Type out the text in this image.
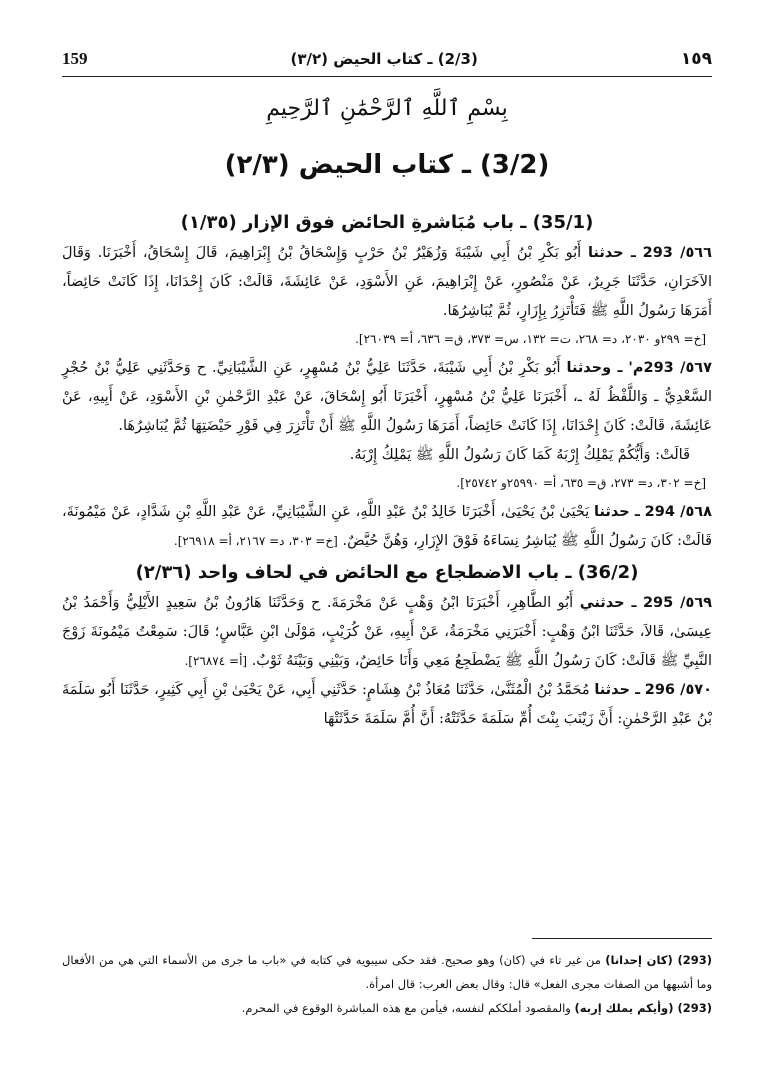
159	(2/3) ـ كتاب الحيض (٣/٢)	١٥٩
بِسْمِ ٱللَّهِ ٱلرَّحْمَٰنِ ٱلرَّحِيمِ
(3/2) ـ كتاب الحيض (٢/٣)
(35/1) ـ باب مُبَاشرةِ الحائض فوق الإزار (١/٣٥)

٥٦٦/ 293 ـ حدثنا أَبُو بَكْرِ بْنُ أَبِي شَيْبَةَ وَزُهَيْرُ بْنُ حَرْبٍ وَإِسْحَاقُ بْنُ إِبْرَاهِيمَ، قَالَ إِسْحَاقُ، أَخْبَرَنَا. وَقَالَ الآخَرَانِ، حَدَّثَنَا جَرِيرٌ، عَنْ مَنْصُورٍ، عَنْ إِبْرَاهِيمَ، عَنِ الأَسْوَدِ، عَنْ عَائِشَةَ، قَالَتْ: كَانَ إِحْدَانَا، إِذَا كَانَتْ حَائِضاً، أَمَرَهَا رَسُولُ اللَّهِ ﷺ فَتَأْتَزِرُ بِإِزَارٍ، ثُمَّ يُبَاشِرُهَا.

[خ= ٢٩٩و ٢٠٣٠، د= ٢٦٨، ت= ١٣٢، س= ٣٧٣، ق= ٦٣٦، أ= ٢٦٠٣٩].

٥٦٧/ 293م' ـ وحدثنا أَبُو بَكْرِ بْنُ أَبِي شَيْبَةَ، حَدَّثَنَا عَلِيُّ بْنُ مُسْهِرٍ، عَنِ الشَّيْبَانِيِّ. ح وَحَدَّثَنِي عَلِيُّ بْنُ حُجْرٍ السَّعْدِيُّ ـ وَاللَّفْظُ لَهُ ـ، أَخْبَرَنَا عَلِيُّ بْنُ مُسْهِرٍ، أَخْبَرَنَا أَبُو إِسْحَاقَ، عَنْ عَبْدِ الرَّحْمٰنِ بْنِ الأَسْوَدِ، عَنْ أَبِيهِ، عَنْ عَائِشَةَ، قَالَتْ: كَانَ إِحْدَانَا، إِذَا كَانَتْ حَائِضاً، أَمَرَهَا رَسُولُ اللَّهِ ﷺ أَنْ تَأْتَزِرَ فِي فَوْرِ حَيْضَتِهَا ثُمَّ يُبَاشِرُهَا.

قَالَتْ: وَأَيُّكُمْ يَمْلِكُ إِرْبَهُ كَمَا كَانَ رَسُولُ اللَّهِ ﷺ يَمْلِكُ إِرْبَهُ.

[خ= ٣٠٢، د= ٢٧٣، ق= ٦٣٥، أ= ٢٥٩٩٠و ٢٥٧٤٢].

٥٦٨/ 294 ـ حدثنا يَحْيَىٰ بْنُ يَحْيَىٰ، أَخْبَرَنَا خَالِدُ بْنُ عَبْدِ اللَّهِ، عَنِ الشَّيْبَانِيِّ، عَنْ عَبْدِ اللَّهِ بْنِ شَدَّادٍ، عَنْ مَيْمُونَةَ، قَالَتْ: كَانَ رَسُولُ اللَّهِ ﷺ يُبَاشِرُ نِسَاءَهُ فَوْقَ الإِزَارِ، وَهُنَّ حُيَّضٌ. [خ= ٣٠٣، د= ٢١٦٧، أ= ٢٦٩١٨].

(36/2) ـ باب الاضطجاع مع الحائض في لحاف واحد (٢/٣٦)

٥٦٩/ 295 ـ حدثني أَبُو الطَّاهِرِ، أَخْبَرَنَا ابْنُ وَهْبٍ عَنْ مَخْرَمَةَ. ح وَحَدَّثَنَا هَارُونُ بْنُ سَعِيدٍ الأَيْلِيُّ وَأَحْمَدُ بْنُ عِيسَىٰ، قَالاَ، حَدَّثَنَا ابْنُ وَهْبٍ: أَخْبَرَنِي مَخْرَمَةُ، عَنْ أَبِيهِ، عَنْ كُرَيْبٍ، مَوْلَىٰ ابْنِ عَبَّاسٍ؛ قَالَ: سَمِعْتُ مَيْمُونَةَ زَوْجَ النَّبِيِّ ﷺ قَالَتْ: كَانَ رَسُولُ اللَّهِ ﷺ يَضْطَجِعُ مَعِي وَأَنَا حَائِضٌ، وَبَيْنِي وَبَيْنَهُ ثَوْبٌ. [أ= ٢٦٨٧٤].

٥٧٠/ 296 ـ حدثنا مُحَمَّدُ بْنُ الْمُثَنَّىٰ، حَدَّثَنَا مُعَاذُ بْنُ هِشَامٍ: حَدَّثَنِي أَبِي، عَنْ يَحْيَىٰ بْنِ أَبِي كَثِيرٍ، حَدَّثَنَا أَبُو سَلَمَةَ بْنُ عَبْدِ الرَّحْمٰنِ: أَنَّ زَيْنَبَ بِنْتَ أُمِّ سَلَمَةَ حَدَّثَتْهُ: أَنَّ أُمَّ سَلَمَةَ حَدَّثَتْهَا

(293) (كان إحدانا) من غير تاء في (كان) وهو صحيح. فقد حكى سيبويه في كتابه في «باب ما جرى من الأسماء التي هي من الأفعال وما أشبهها من الصفات مجرى الفعل» قال: وقال بعض العرب: قال امرأة.

(293) (وأيكم يملك إربه) والمقصود أملككم لنفسه، فيأمن مع هذه المباشرة الوقوع في المحرم.
